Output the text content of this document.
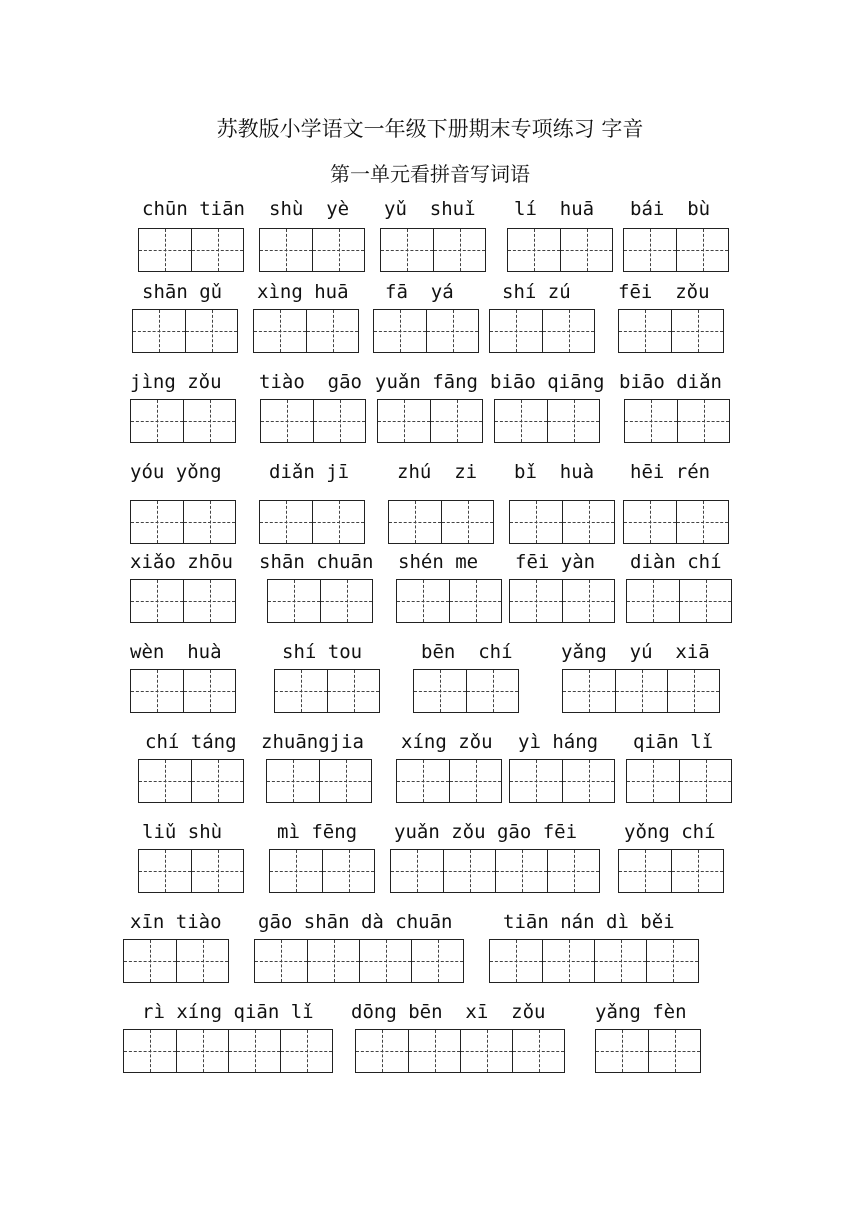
苏教版小学语文一年级下册期末专项练习 字音
第一单元看拼音写词语
chūn tiān shù  yè yǔ  shuǐ lí  huā bái  bù
shān gǔ xìng huā fā  yá	shí zú fēi  zǒu
jìng zǒu tiào  gāo yuǎn fāng biāo qiāng biāo diǎn
yóu yǒng diǎn jī	zhú  zi bǐ  huà hēi rén
xiǎo zhōu shān chuān shén me fēi yàn diàn chí
wèn  huà	shí tou	bēn  chí	yǎng  yú  xiā
chí táng zhuāngjia xíng zǒu yì háng qiān lǐ
liǔ shù	mì fēng yuǎn zǒu gāo fēi yǒng chí
xīn tiào gāo shān dà chuān	tiān nán dì běi
rì xíng qiān lǐ dōng bēn  xī  zǒu	yǎng fèn
